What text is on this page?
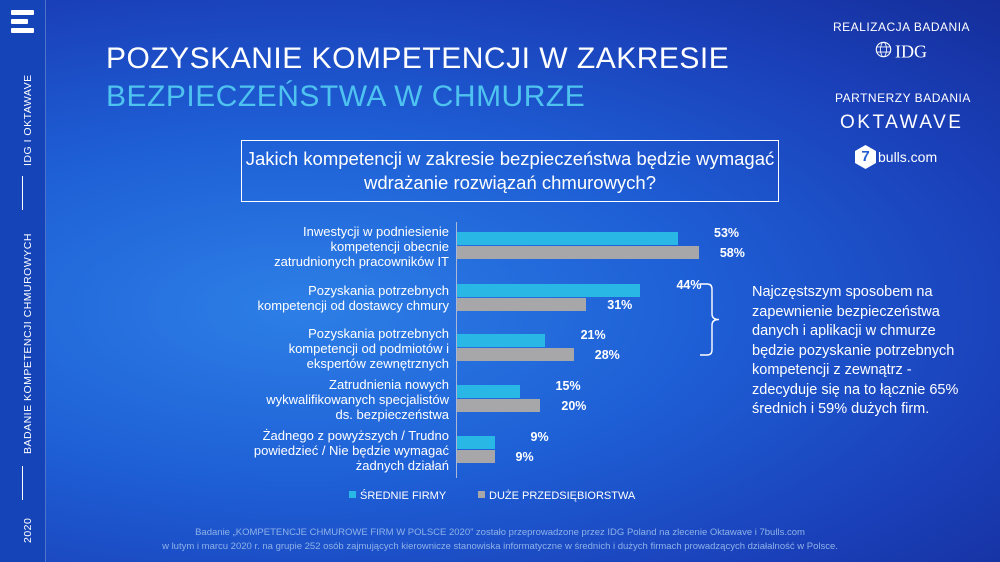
IDG I OKTAWAVE
BADANIE KOMPETENCJI CHMUROWYCH
2020
POZYSKANIE KOMPETENCJI W ZAKRESIE
BEZPIECZEŃSTWA W CHMURZE
REALIZACJA BADANIA
IDG
PARTNERZY BADANIA
OKTAWAVE
7 bulls.com
Jakich kompetencji w zakresie bezpieczeństwa będzie wymagać wdrażanie rozwiązań chmurowych?
Inwestycji w podniesienie
kompetencji obecnie
zatrudnionych pracowników IT
53%
58%
Pozyskania potrzebnych
kompetencji od dostawcy chmury
44%
31%
Pozyskania potrzebnych
kompetencji od podmiotów i
ekspertów zewnętrznych
21%
28%
Zatrudnienia nowych
wykwalifikowanych specjalistów
ds. bezpieczeństwa
15%
20%
Żadnego z powyższych / Trudno
powiedzieć / Nie będzie wymagać
żadnych działań
9%
9%
Najczęstszym sposobem na zapewnienie bezpieczeństwa danych i aplikacji w chmurze będzie pozyskanie potrzebnych kompetencji z zewnątrz - zdecyduje się na to łącznie 65% średnich i 59% dużych firm.
ŚREDNIE FIRMY	DUŻE PRZEDSIĘBIORSTWA
Badanie „KOMPETENCJE CHMUROWE FIRM W POLSCE 2020” zostało przeprowadzone przez IDG Poland na zlecenie Oktawave i 7bulls.com
w lutym i marcu 2020 r. na grupie 252 osób zajmujących kierownicze stanowiska informatyczne w średnich i dużych firmach prowadzących działalność w Polsce.
